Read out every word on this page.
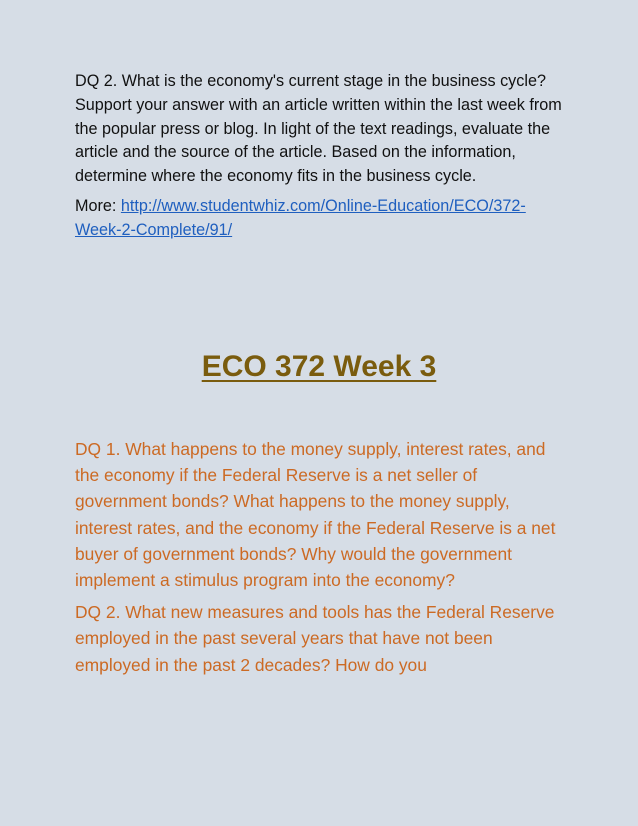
DQ 2. What is the economy's current stage in the business cycle? Support your answer with an article written within the last week from the popular press or blog. In light of the text readings, evaluate the article and the source of the article. Based on the information, determine where the economy fits in the business cycle.

More: http://www.studentwhiz.com/Online-Education/ECO/372-Week-2-Complete/91/

ECO 372 Week 3

DQ 1. What happens to the money supply, interest rates, and the economy if the Federal Reserve is a net seller of government bonds? What happens to the money supply, interest rates, and the economy if the Federal Reserve is a net buyer of government bonds? Why would the government implement a stimulus program into the economy?

DQ 2. What new measures and tools has the Federal Reserve employed in the past several years that have not been employed in the past 2 decades? How do you
